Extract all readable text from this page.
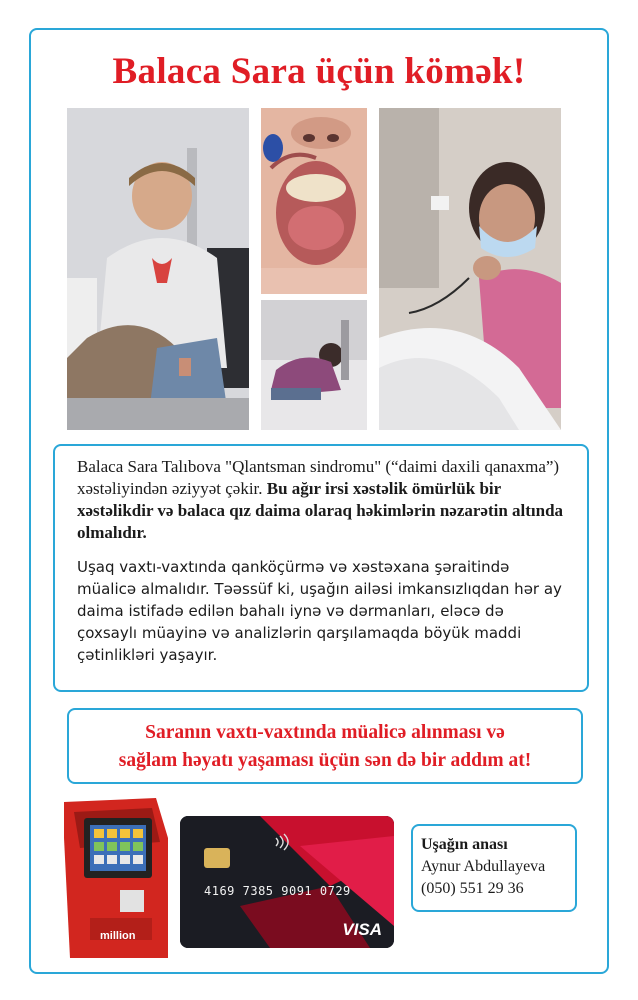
Balaca Sara üçün kömək!

Balaca Sara Talıbova "Qlantsman sindromu" (“daimi daxili qanaxma”) xəstəliyindən əziyyət çəkir. Bu ağır irsi xəstəlik ömürlük bir xəstəlikdir və balaca qız daima olaraq həkimlərin nəzarətin altında olmalıdır.

Uşaq vaxtı-vaxtında qanköçürmə və xəstəxana şəraitində müalicə almalıdır. Təəssüf ki, uşağın ailəsi imkansızlıqdan hər ay daima istifadə edilən bahalı iynə və dərmanları, eləcə də çoxsaylı müayinə və analizlərin qarşılamaqda böyük maddi çətinlikləri yaşayır.

Saranın vaxtı-vaxtında müalicə alınması və
sağlam həyatı yaşaması üçün sən də bir addım at!
million
4169 7385 9091 0729
VISA
Uşağın anası
Aynur Abdullayeva
(050) 551 29 36
